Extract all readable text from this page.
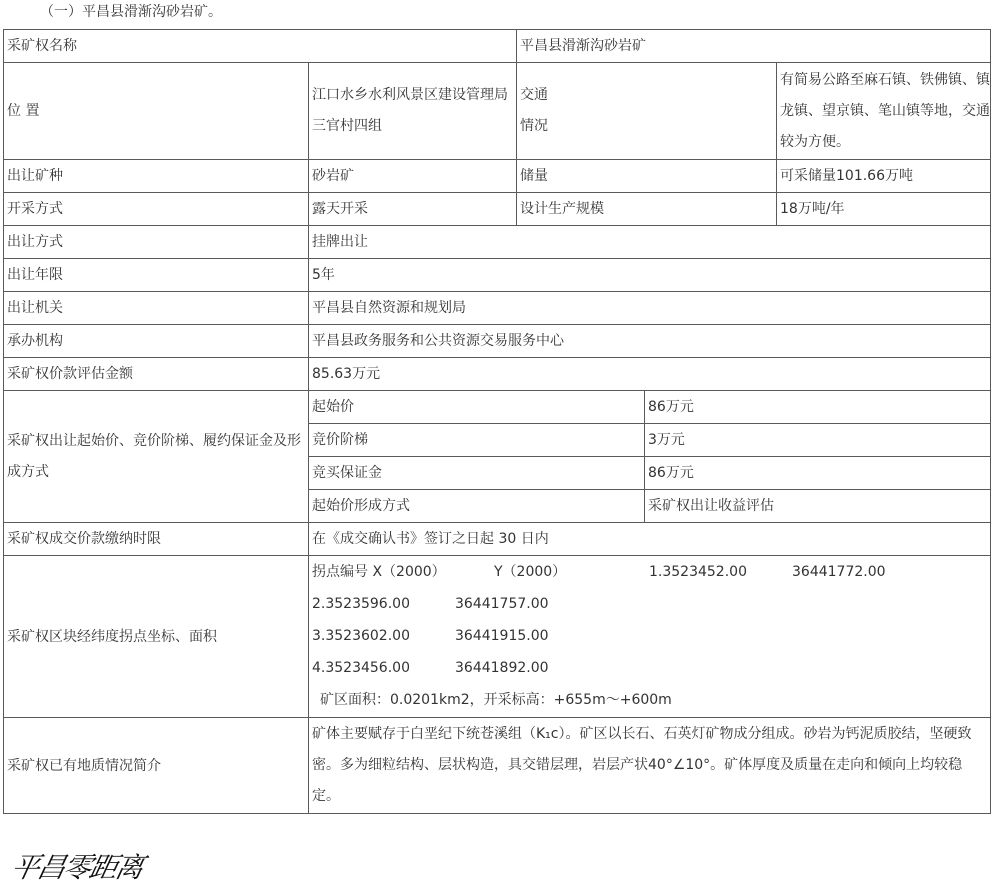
（一）平昌县滑渐沟砂岩矿。
采矿权名称		平昌县滑渐沟砂岩矿		
位 置	江口水乡水利风景区建设管理局三官村四组	交通情况		有简易公路至麻石镇、铁佛镇、镇龙镇、望京镇、笔山镇等地，交通较为方便。
出让矿种	砂岩矿	储量		可采储量101.66万吨
开采方式	露天开采	设计生产规模		18万吨/年
出让方式	挂牌出让			
出让年限	5年			
出让机关	平昌县自然资源和规划局			
承办机构	平昌县政务服务和公共资源交易服务中心			
采矿权价款评估金额	85.63万元			
采矿权出让起始价、竞价阶梯、履约保证金及形成方式	起始价		86万元	
	竞价阶梯		3万元	
	竞买保证金		86万元	
	起始价形成方式		采矿权出让收益评估	
采矿权成交价款缴纳时限	在《成交确认书》签订之日起 30 日内			
采矿权区块经纬度拐点坐标、面积	拐点编号 X（2000） Y（2000） 1.3523452.00 36441772.00
2.3523596.00 36441757.00
3.3523602.00 36441915.00
4.3523456.00 36441892.00
矿区面积：0.0201km2，开采标高：+655m～+600m			

采矿权已有地质情况简介	矿体主要赋存于白垩纪下统苍溪组（K₁c）。矿区以长石、石英灯矿物成分组成。砂岩为钙泥质胶结，坚硬致密。多为细粒结构、层状构造，具交错层理，岩层产状40°∠10°。矿体厚度及质量在走向和倾向上均较稳定。			
平昌零距离
